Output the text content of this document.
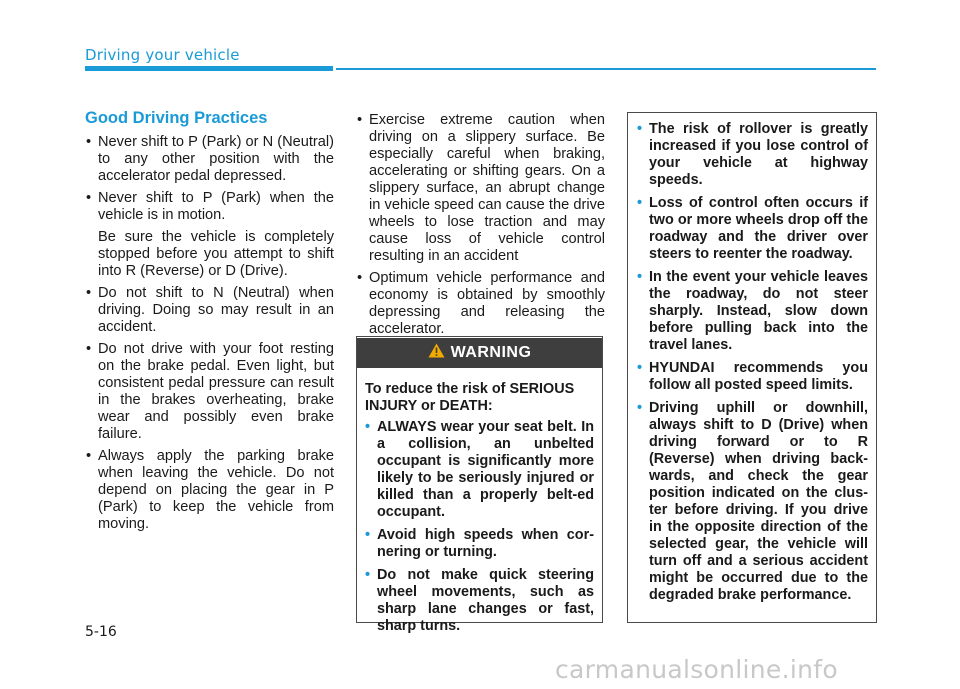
Driving your vehicle
Good Driving Practices
• Never shift to P (Park) or N (Neutral) to any other position with the accelerator pedal depressed.
• Never shift to P (Park) when the vehicle is in motion.
Be sure the vehicle is completely stopped before you attempt to shift into R (Reverse) or D (Drive).
• Do not shift to N (Neutral) when driving. Doing so may result in an accident.
• Do not drive with your foot resting on the brake pedal. Even light, but consistent pedal pressure can result in the brakes overheating, brake wear and possibly even brake failure.
• Always apply the parking brake when leaving the vehicle. Do not depend on placing the gear in P (Park) to keep the vehicle from moving.
• Exercise extreme caution when driving on a slippery surface. Be especially careful when braking, accelerating or shifting gears. On a slippery surface, an abrupt change in vehicle speed can cause the drive wheels to lose traction and may cause loss of vehicle control resulting in an accident
• Optimum vehicle performance and economy is obtained by smoothly depressing and releasing the accelerator.
WARNING
To reduce the risk of SERIOUS INJURY or DEATH:
• ALWAYS wear your seat belt. In a collision, an unbelted occupant is significantly more likely to be seriously injured or killed than a properly belt-ed occupant.
• Avoid high speeds when cor-nering or turning.
• Do not make quick steering wheel movements, such as sharp lane changes or fast, sharp turns.
• The risk of rollover is greatly increased if you lose control of your vehicle at highway speeds.
• Loss of control often occurs if two or more wheels drop off the roadway and the driver over steers to reenter the roadway.
• In the event your vehicle leaves the roadway, do not steer sharply. Instead, slow down before pulling back into the travel lanes.
• HYUNDAI recommends you follow all posted speed limits.
• Driving uphill or downhill, always shift to D (Drive) when driving forward or to R (Reverse) when driving back-wards, and check the gear position indicated on the clus-ter before driving. If you drive in the opposite direction of the selected gear, the vehicle will turn off and a serious accident might be occurred due to the degraded brake performance.
5-16
carmanualsonline.info
